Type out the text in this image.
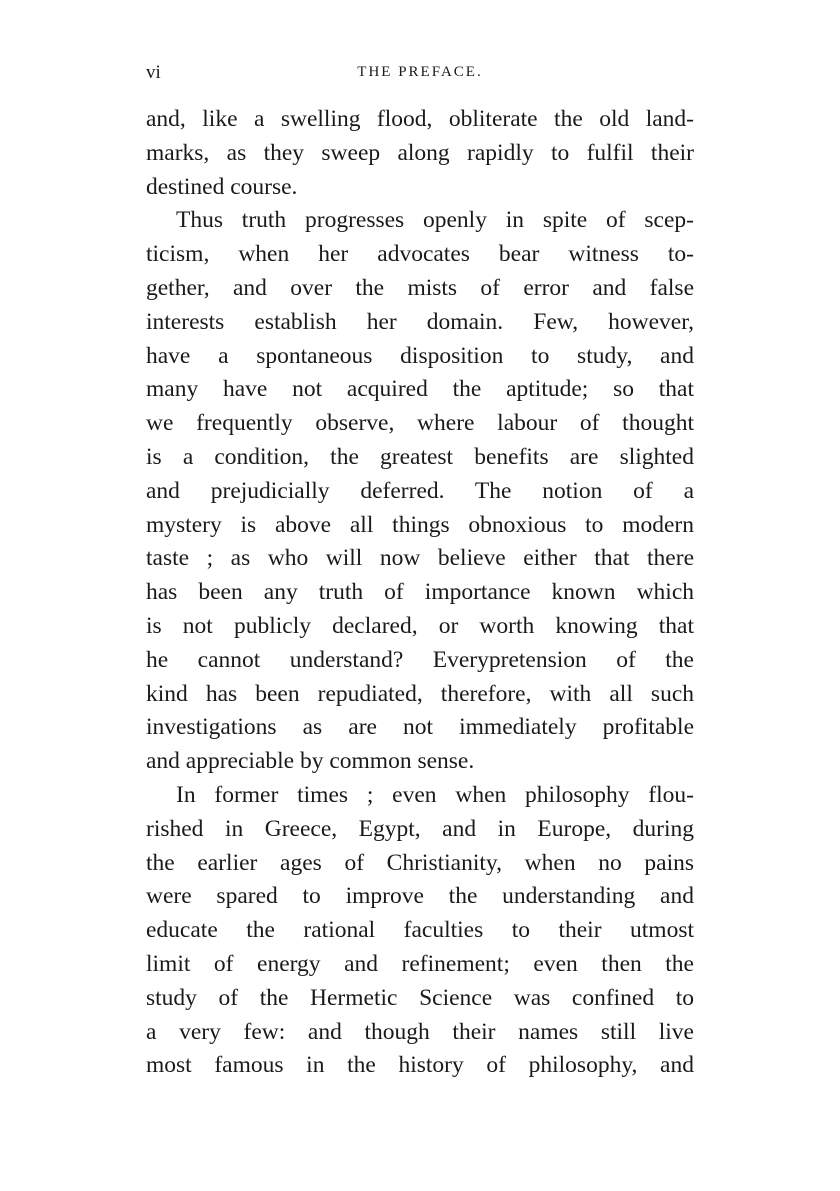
vi	THE PREFACE.
and, like a swelling flood, obliterate the old land-
marks, as they sweep along rapidly to fulfil their
destined course.
Thus truth progresses openly in spite of scep-
ticism, when her advocates bear witness to-
gether, and over the mists of error and false
interests establish her domain. Few, however,
have a spontaneous disposition to study, and
many have not acquired the aptitude; so that
we frequently observe, where labour of thought
is a condition, the greatest benefits are slighted
and prejudicially deferred. The notion of a
mystery is above all things obnoxious to modern
taste ; as who will now believe either that there
has been any truth of importance known which
is not publicly declared, or worth knowing that
he cannot understand? Everypretension of the
kind has been repudiated, therefore, with all such
investigations as are not immediately profitable
and appreciable by common sense.
In former times ; even when philosophy flou-
rished in Greece, Egypt, and in Europe, during
the earlier ages of Christianity, when no pains
were spared to improve the understanding and
educate the rational faculties to their utmost
limit of energy and refinement; even then the
study of the Hermetic Science was confined to
a very few: and though their names still live
most famous in the history of philosophy, and
